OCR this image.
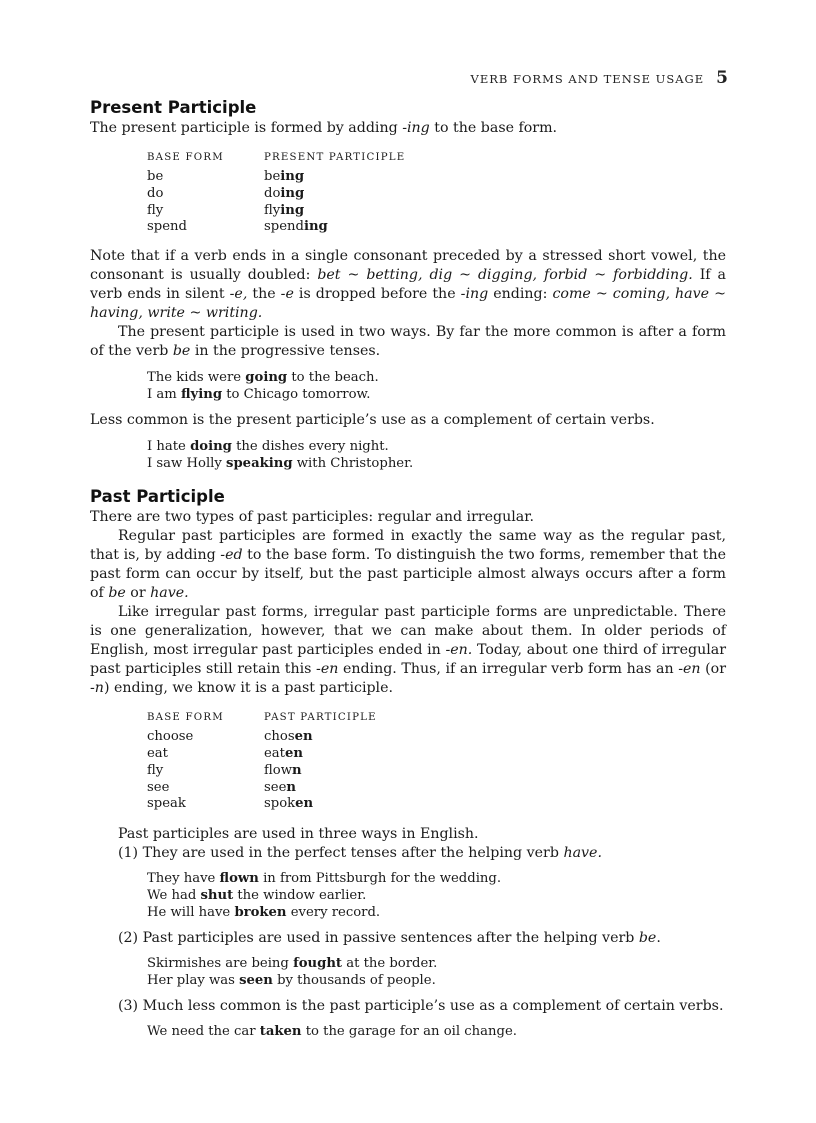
VERB FORMS AND TENSE USAGE 5
Present Participle

The present participle is formed by adding -ing to the base form.

BASE FORM	PRESENT PARTICIPLE
be	being
do	doing
fly	flying
spend	spending

Note that if a verb ends in a single consonant preceded by a stressed short vowel, the consonant is usually doubled: bet ~ betting, dig ~ digging, forbid ~ forbidding. If a verb ends in silent -e, the -e is dropped before the -ing ending: come ~ coming, have ~ having, write ~ writing.

The present participle is used in two ways. By far the more common is after a form of the verb be in the progressive tenses.

The kids were going to the beach.
I am flying to Chicago tomorrow.

Less common is the present participle’s use as a complement of certain verbs.

I hate doing the dishes every night.
I saw Holly speaking with Christopher.
Past Participle

There are two types of past participles: regular and irregular.

Regular past participles are formed in exactly the same way as the regular past, that is, by adding -ed to the base form. To distinguish the two forms, remember that the past form can occur by itself, but the past participle almost always occurs after a form of be or have.

Like irregular past forms, irregular past participle forms are unpredictable. There is one generalization, however, that we can make about them. In older periods of English, most irregular past participles ended in -en. Today, about one third of irregular past participles still retain this -en ending. Thus, if an irregular verb form has an -en (or -n) ending, we know it is a past participle.

BASE FORM	PAST PARTICIPLE
choose	chosen
eat	eaten
fly	flown
see	seen
speak	spoken
Past participles are used in three ways in English.
(1) They are used in the perfect tenses after the helping verb have.
They have flown in from Pittsburgh for the wedding.
We had shut the window earlier.
He will have broken every record.
(2) Past participles are used in passive sentences after the helping verb be.
Skirmishes are being fought at the border.
Her play was seen by thousands of people.
(3) Much less common is the past participle’s use as a complement of certain verbs.
We need the car taken to the garage for an oil change.
